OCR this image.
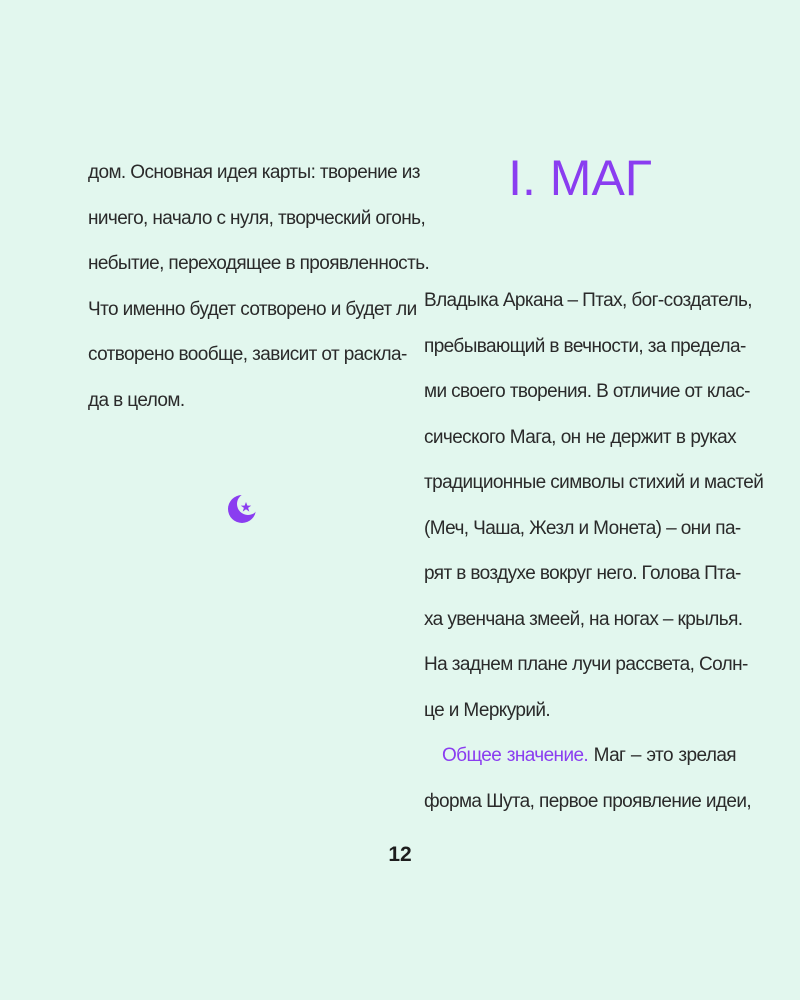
дом. Основная идея карты: творение из
ничего, начало с нуля, творческий огонь,
небытие, переходящее в проявленность.
Что именно будет сотворено и будет ли
сотворено вообще, зависит от раскла-
да в целом.
I. МАГ
Владыка Аркана – Птах, бог-создатель,
пребывающий в вечности, за предела-
ми своего творения. В отличие от клас-
сического Мага, он не держит в руках
традиционные символы стихий и мастей
(Меч, Чаша, Жезл и Монета) – они па-
рят в воздухе вокруг него. Голова Пта-
ха увенчана змеей, на ногах – крылья.
На заднем плане лучи рассвета, Солн-
це и Меркурий.
Общее значение. Маг – это зрелая
форма Шута, первое проявление идеи,
12
